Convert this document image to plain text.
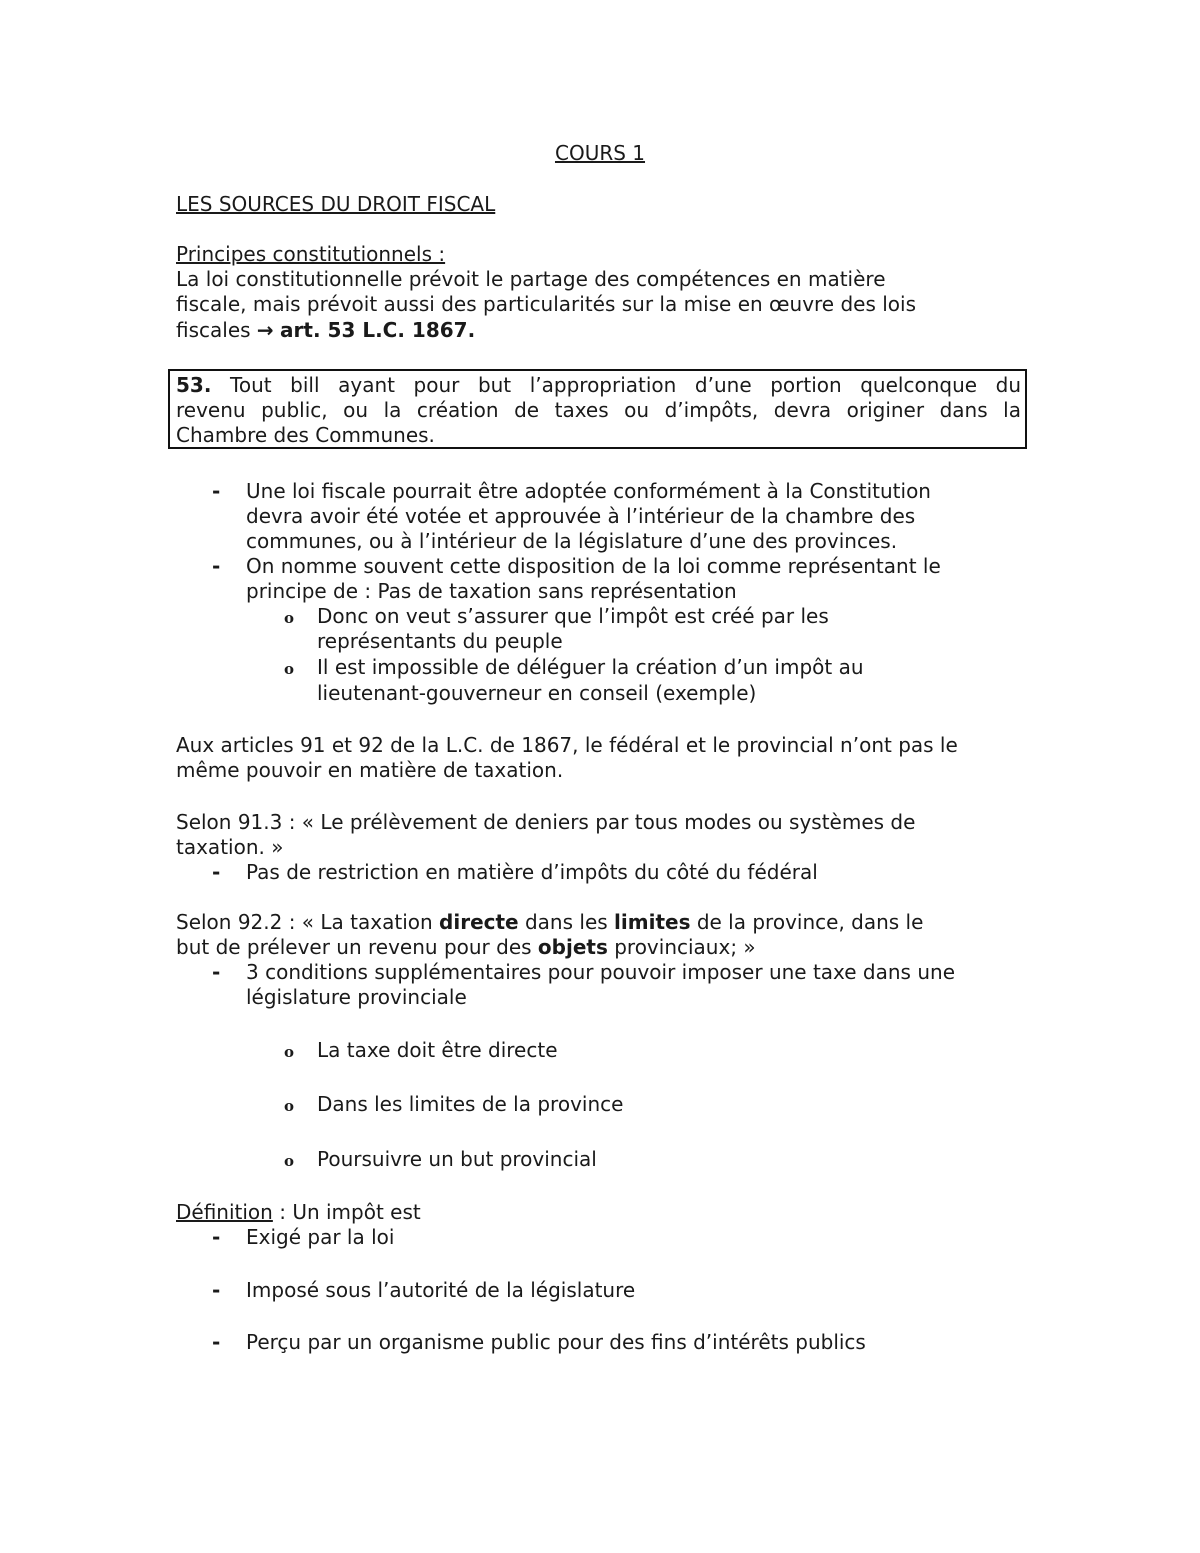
COURS 1
LES SOURCES DU DROIT FISCAL
Principes constitutionnels :
La loi constitutionnelle prévoit le partage des compétences en matière
fiscale, mais prévoit aussi des particularités sur la mise en œuvre des lois
fiscales → art. 53 L.C. 1867.
53. Tout bill ayant pour but l’appropriation d’une portion quelconque du
revenu public, ou la création de taxes ou d’impôts, devra originer dans la
Chambre des Communes.
- Une loi fiscale pourrait être adoptée conformément à la Constitution
devra avoir été votée et approuvée à l’intérieur de la chambre des
communes, ou à l’intérieur de la législature d’une des provinces.
- On nomme souvent cette disposition de la loi comme représentant le
principe de : Pas de taxation sans représentation
o Donc on veut s’assurer que l’impôt est créé par les
représentants du peuple
o Il est impossible de déléguer la création d’un impôt au
lieutenant-gouverneur en conseil (exemple)
Aux articles 91 et 92 de la L.C. de 1867, le fédéral et le provincial n’ont pas le
même pouvoir en matière de taxation.
Selon 91.3 : « Le prélèvement de deniers par tous modes ou systèmes de
taxation. »
- Pas de restriction en matière d’impôts du côté du fédéral
Selon 92.2 : « La taxation directe dans les limites de la province, dans le
but de prélever un revenu pour des objets provinciaux; »
- 3 conditions supplémentaires pour pouvoir imposer une taxe dans une
législature provinciale
o La taxe doit être directe
o Dans les limites de la province
o Poursuivre un but provincial
Définition : Un impôt est
- Exigé par la loi
- Imposé sous l’autorité de la législature
- Perçu par un organisme public pour des fins d’intérêts publics
